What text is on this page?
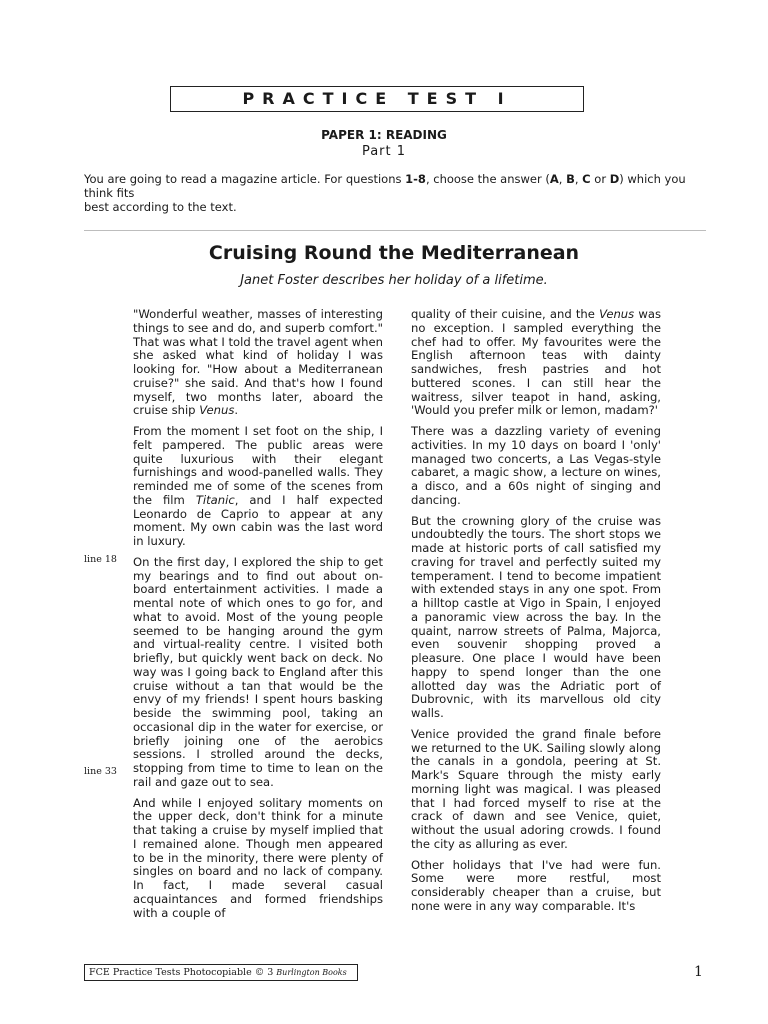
PRACTICE TEST I
PAPER 1: READING
Part 1
You are going to read a magazine article. For questions 1-8, choose the answer (A, B, C or D) which you think fits
best according to the text.
Cruising Round the Mediterranean
Janet Foster describes her holiday of a lifetime.

"Wonderful weather, masses of interesting things to see and do, and superb comfort." That was what I told the travel agent when she asked what kind of holiday I was looking for. "How about a Mediterranean cruise?" she said. And that's how I found myself, two months later, aboard the cruise ship Venus.

From the moment I set foot on the ship, I felt pampered. The public areas were quite luxurious with their elegant furnishings and wood-panelled walls. They reminded me of some of the scenes from the film Titanic, and I half expected Leonardo de Caprio to appear at any moment. My own cabin was the last word in luxury.

On the first day, I explored the ship to get my bearings and to find out about on-board entertainment activities. I made a mental note of which ones to go for, and what to avoid. Most of the young people seemed to be hanging around the gym and virtual-reality centre. I visited both briefly, but quickly went back on deck. No way was I going back to England after this cruise without a tan that would be the envy of my friends! I spent hours basking beside the swimming pool, taking an occasional dip in the water for exercise, or briefly joining one of the aerobics sessions. I strolled around the decks, stopping from time to time to lean on the rail and gaze out to sea.

And while I enjoyed solitary moments on the upper deck, don't think for a minute that taking a cruise by myself implied that I remained alone. Though men appeared to be in the minority, there were plenty of singles on board and no lack of company. In fact, I made several casual acquaintances and formed friendships with a couple of

quality of their cuisine, and the Venus was no exception. I sampled everything the chef had to offer. My favourites were the English afternoon teas with dainty sandwiches, fresh pastries and hot buttered scones. I can still hear the waitress, silver teapot in hand, asking, 'Would you prefer milk or lemon, madam?'

There was a dazzling variety of evening activities. In my 10 days on board I 'only' managed two concerts, a Las Vegas-style cabaret, a magic show, a lecture on wines, a disco, and a 60s night of singing and dancing.

But the crowning glory of the cruise was undoubtedly the tours. The short stops we made at historic ports of call satisfied my craving for travel and perfectly suited my temperament. I tend to become impatient with extended stays in any one spot. From a hilltop castle at Vigo in Spain, I enjoyed a panoramic view across the bay. In the quaint, narrow streets of Palma, Majorca, even souvenir shopping proved a pleasure. One place I would have been happy to spend longer than the one allotted day was the Adriatic port of Dubrovnic, with its marvellous old city walls.

Venice provided the grand finale before we returned to the UK. Sailing slowly along the canals in a gondola, peering at St. Mark's Square through the misty early morning light was magical. I was pleased that I had forced myself to rise at the crack of dawn and see Venice, quiet, without the usual adoring crowds. I found the city as alluring as ever.

Other holidays that I've had were fun. Some were more restful, most considerably cheaper than a cruise, but none were in any way comparable. It's

line 18
line 33
FCE Practice Tests Photocopiable © 3 Burlington Books	1
